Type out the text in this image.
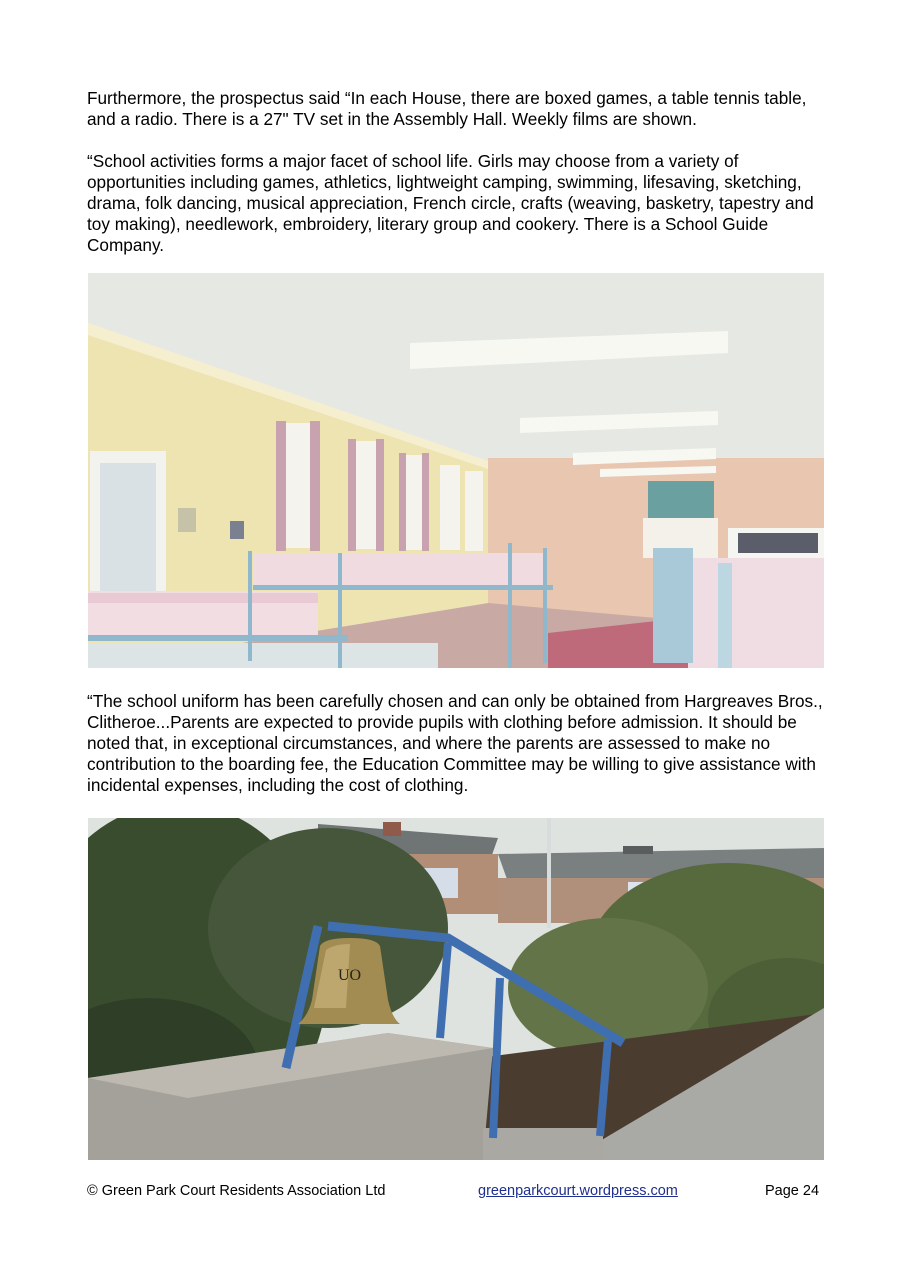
Furthermore, the prospectus said “In each House, there are boxed games, a table tennis table, and a radio. There is a 27" TV set in the Assembly Hall. Weekly films are shown.

“School activities forms a major facet of school life. Girls may choose from a variety of opportunities including games, athletics, lightweight camping, swimming, lifesaving, sketching, drama, folk dancing, musical appreciation, French circle, crafts (weaving, basketry, tapestry and toy making), needlework, embroidery, literary group and cookery. There is a School Guide Company.

“The school uniform has been carefully chosen and can only be obtained from Hargreaves Bros., Clitheroe...Parents are expected to provide pupils with clothing before admission. It should be noted that, in exceptional circumstances, and where the parents are assessed to make no contribution to the boarding fee, the Education Committee may be willing to give assistance with incidental expenses, including the cost of clothing.

UO
© Green Park Court Residents Association Ltd	greenparkcourt.wordpress.com	Page 24
